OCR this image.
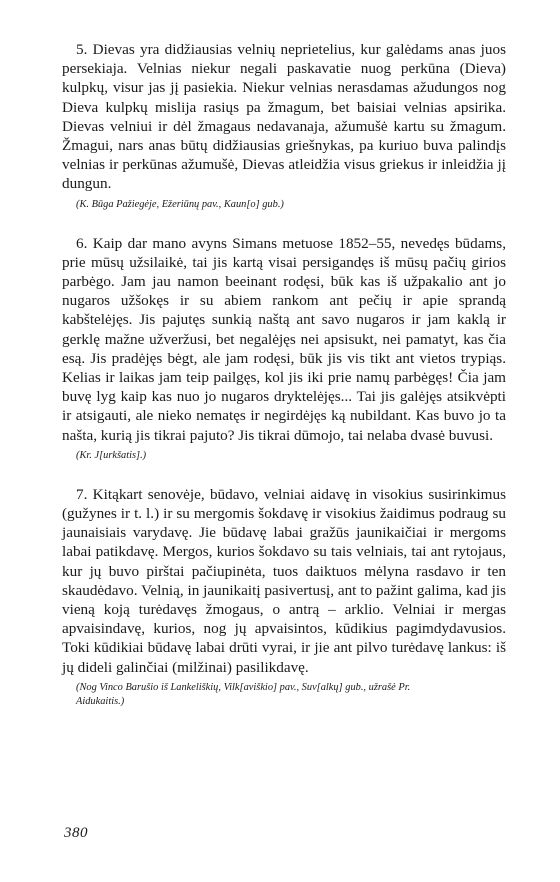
5. Dievas yra didžiausias velnių neprietelius, kur galėdams anas juos persekiaja. Velnias niekur negali paskavatie nuog perkūna (Dieva) kulpkų, visur jas jį pasiekia. Niekur velnias nerasdamas ažudungos nog Dieva kulpkų mislija rasiųs pa žmagum, bet baisiai velnias apsirika. Dievas velniui ir dėl žmagaus nedavanaja, ažumušė kartu su žmagum. Žmagui, nars anas būtų didžiausias griešnykas, pa kuriuo buva palindįs velnias ir perkūnas ažumušė, Dievas atleidžia visus griekus ir inleidžia jį dungun.

(K. Būga Pažiegėje, Ežeriūnų pav., Kaun[o] gub.)

6. Kaip dar mano avyns Simans metuose 1852–55, nevedęs būdams, prie mūsų užsilaikė, tai jis kartą visai persigandęs iš mūsų pačių girios parbėgo. Jam jau namon beeinant rodęsi, būk kas iš užpakalio ant jo nugaros užšokęs ir su abiem rankom ant pečių ir apie sprandą kabštelėjęs. Jis pajutęs sunkią naštą ant savo nugaros ir jam kaklą ir gerklę mažne užveržusi, bet negalėjęs nei apsisukt, nei pamatyt, kas čia esą. Jis pradėjęs bėgt, ale jam rodęsi, būk jis vis tikt ant vietos trypiąs. Kelias ir laikas jam teip pailgęs, kol jis iki prie namų parbėgęs! Čia jam buvę lyg kaip kas nuo jo nugaros dryktelėjęs... Tai jis galėjęs atsikvėpti ir atsigauti, ale nieko nematęs ir negirdėjęs ką nubildant. Kas buvo jo ta našta, kurią jis tikrai pajuto? Jis tikrai dūmojo, tai nelaba dvasė buvusi.

(Kr. J[urkšatis].)

7. Kitąkart senovėje, būdavo, velniai aidavę in visokius susirinkimus (gužynes ir t. l.) ir su mergomis šokdavę ir visokius žaidimus podraug su jaunaisiais varydavę. Jie būdavę labai gražūs jaunikaičiai ir mergoms labai patikdavę. Mergos, kurios šokdavo su tais velniais, tai ant rytojaus, kur jų buvo pirštai pačiupinėta, tuos daiktuos mėlyna rasdavo ir ten skaudėdavo. Velnią, in jaunikaitį pasivertusį, ant to pažint galima, kad jis vieną koją turėdavęs žmogaus, o antrą – arklio. Velniai ir mergas apvaisindavę, kurios, nog jų apvaisintos, kūdikius pagimdydavusios. Toki kūdikiai būdavę labai drūti vyrai, ir jie ant pilvo turėdavę lankus: iš jų dideli galinčiai (milžinai) pasilikdavę.

(Nog Vinco Barušio iš Lankeliškių, Vilk[aviškio] pav., Suv[alkų] gub., užrašė Pr.

Aidukaitis.)

380
